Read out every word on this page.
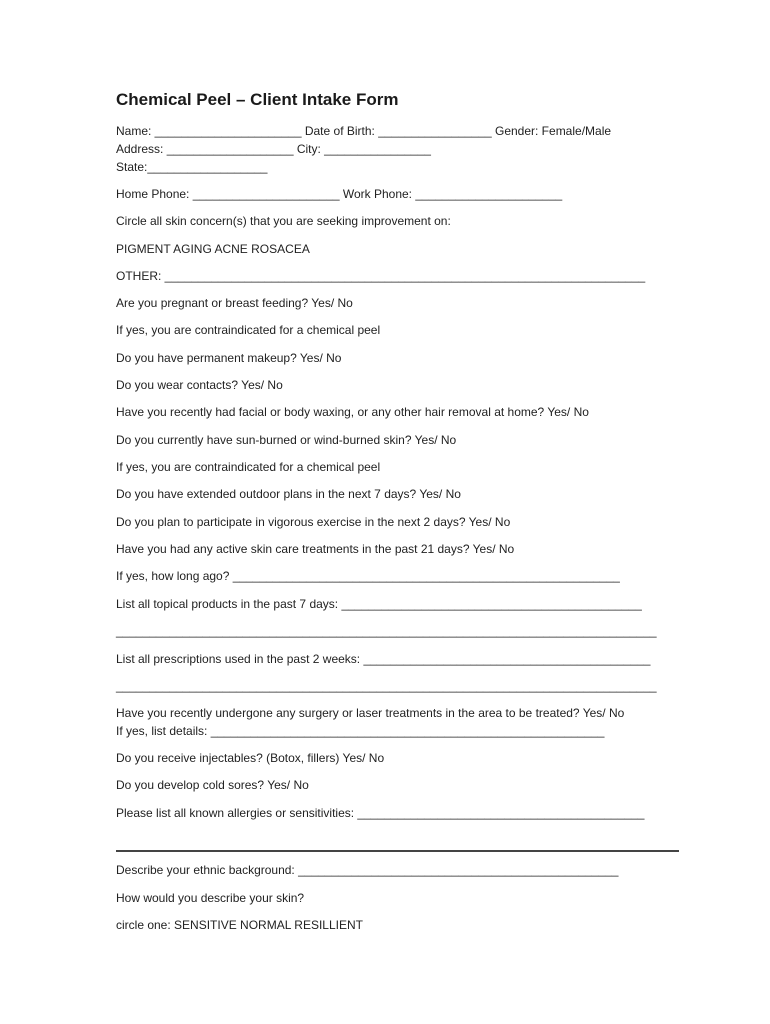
Chemical Peel – Client Intake Form
Name: ______________________ Date of Birth: _________________ Gender: Female/Male
Address: ___________________ City: ________________
State:__________________
Home Phone: ______________________ Work Phone: ______________________
Circle all skin concern(s) that you are seeking improvement on:
PIGMENT AGING ACNE ROSACEA
OTHER: ________________________________________________________________________
Are you pregnant or breast feeding? Yes/ No
If yes, you are contraindicated for a chemical peel
Do you have permanent makeup? Yes/ No
Do you wear contacts? Yes/ No
Have you recently had facial or body waxing, or any other hair removal at home? Yes/ No
Do you currently have sun-burned or wind-burned skin? Yes/ No
If yes, you are contraindicated for a chemical peel
Do you have extended outdoor plans in the next 7 days? Yes/ No
Do you plan to participate in vigorous exercise in the next 2 days? Yes/ No
Have you had any active skin care treatments in the past 21 days? Yes/ No
If yes, how long ago? __________________________________________________________
List all topical products in the past 7 days: _____________________________________________
_________________________________________________________________________________
List all prescriptions used in the past 2 weeks: ___________________________________________
_________________________________________________________________________________
Have you recently undergone any surgery or laser treatments in the area to be treated? Yes/ No
If yes, list details: ___________________________________________________________
Do you receive injectables? (Botox, fillers) Yes/ No
Do you develop cold sores? Yes/ No
Please list all known allergies or sensitivities: ___________________________________________
Describe your ethnic background: ________________________________________________
How would you describe your skin?
circle one: SENSITIVE NORMAL RESILLIENT
